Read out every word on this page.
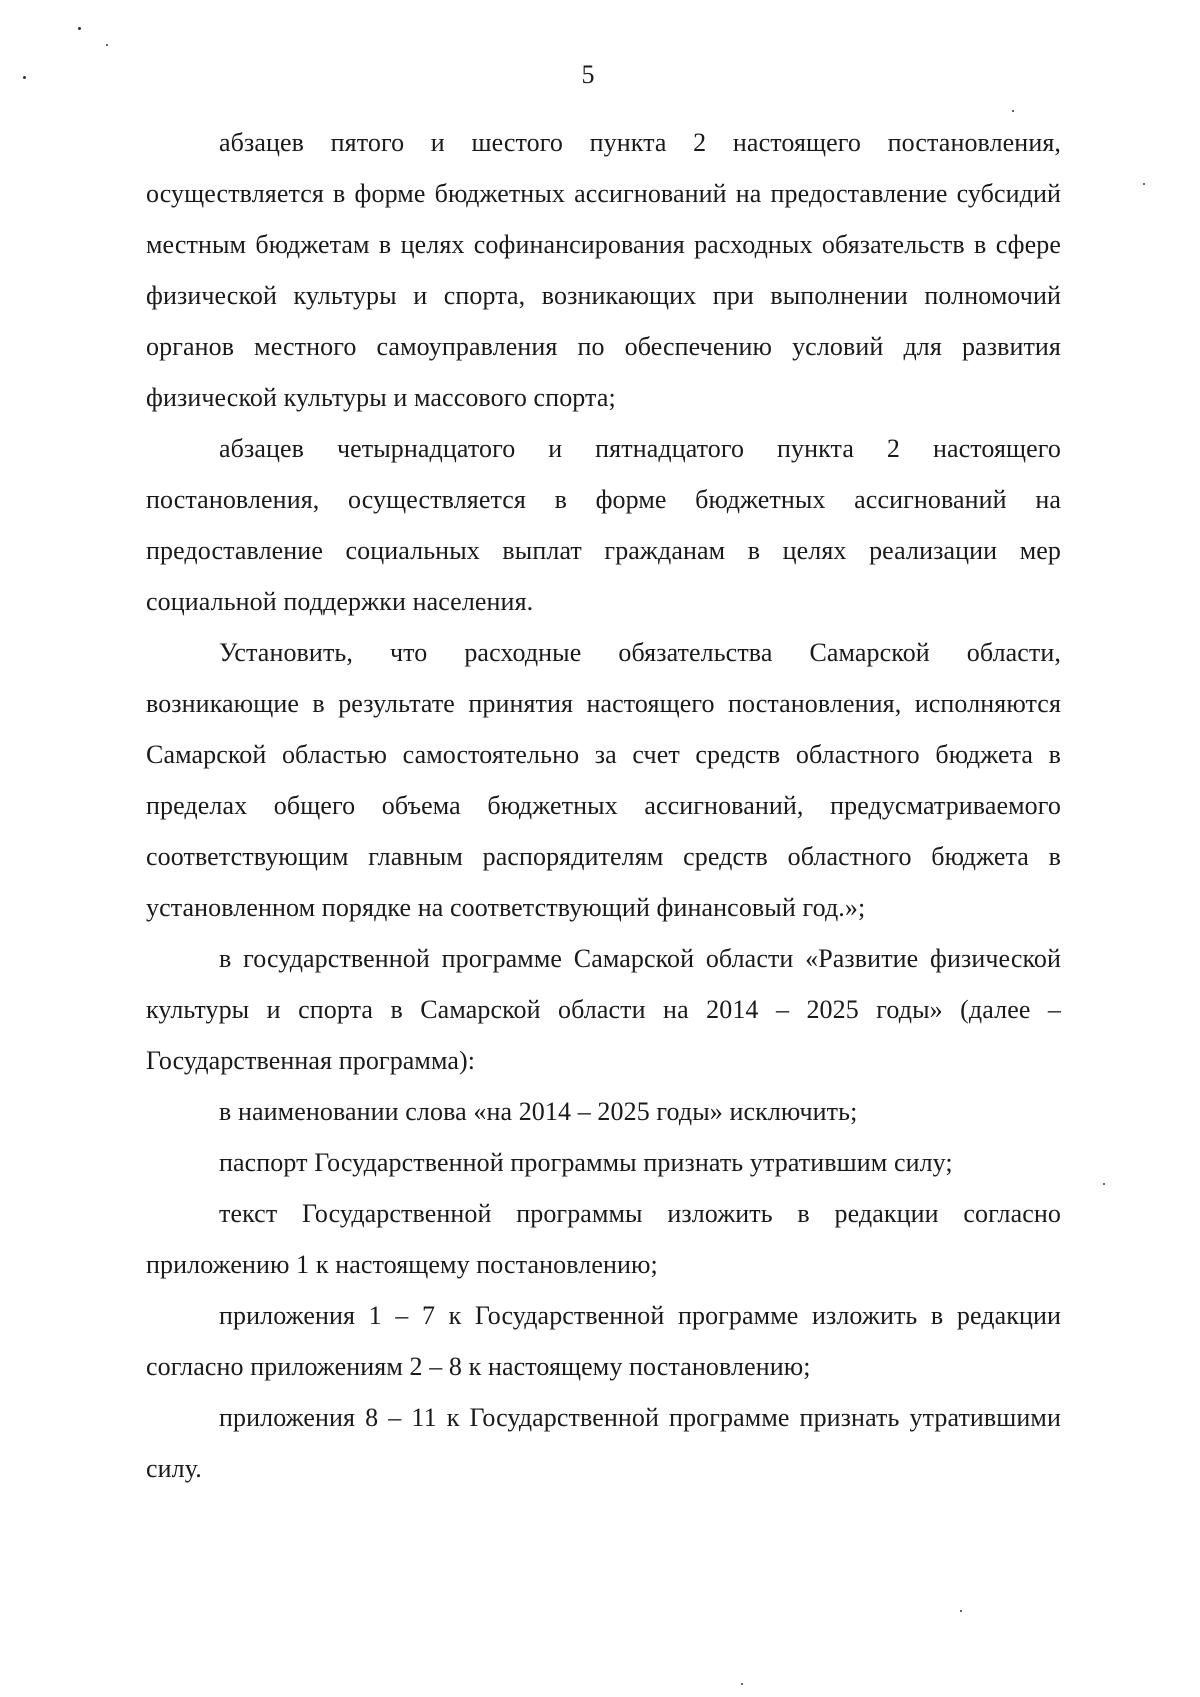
5

абзацев пятого и шестого пункта 2 настоящего постановления, осуществляется в форме бюджетных ассигнований на предоставление субсидий местным бюджетам в целях софинансирования расходных обязательств в сфере физической культуры и спорта, возникающих при выполнении полномочий органов местного самоуправления по обеспечению условий для развития физической культуры и массового спорта;

абзацев четырнадцатого и пятнадцатого пункта 2 настоящего постановления, осуществляется в форме бюджетных ассигнований на предоставление социальных выплат гражданам в целях реализации мер социальной поддержки населения.

Установить, что расходные обязательства Самарской области, возникающие в результате принятия настоящего постановления, исполняются Самарской областью самостоятельно за счет средств областного бюджета в пределах общего объема бюджетных ассигнований, предусматриваемого соответствующим главным распорядителям средств областного бюджета в установленном порядке на соответствующий финансовый год.»;

в государственной программе Самарской области «Развитие физической культуры и спорта в Самарской области на 2014 – 2025 годы» (далее – Государственная программа):

в наименовании слова «на 2014 – 2025 годы» исключить;

паспорт Государственной программы признать утратившим силу;

текст Государственной программы изложить в редакции согласно приложению 1 к настоящему постановлению;

приложения 1 – 7 к Государственной программе изложить в редакции согласно приложениям 2 – 8 к настоящему постановлению;

приложения 8 – 11 к Государственной программе признать утратившими силу.
